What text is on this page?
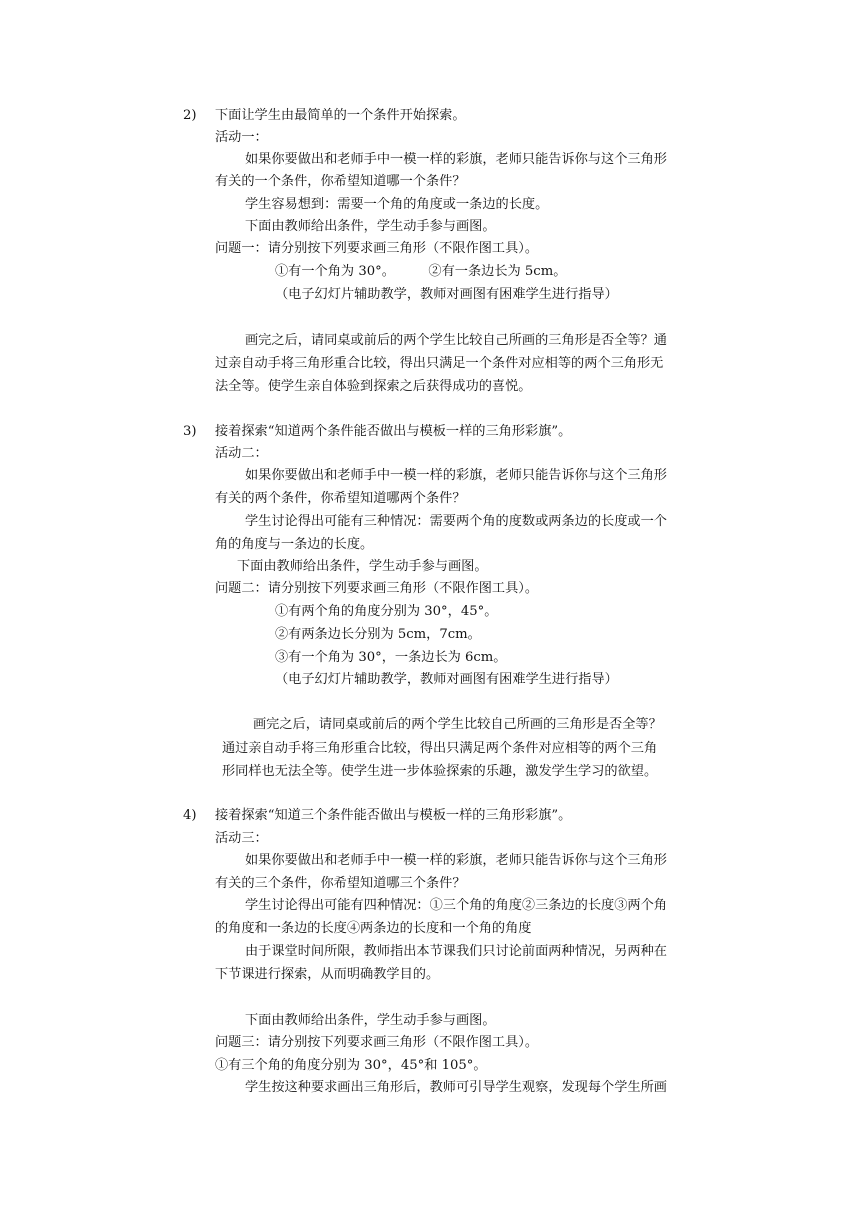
2) 下面让学生由最简单的一个条件开始探索。
活动一：
如果你要做出和老师手中一模一样的彩旗，老师只能告诉你与这个三角形
有关的一个条件，你希望知道哪一个条件？
学生容易想到：需要一个角的角度或一条边的长度。
下面由教师给出条件，学生动手参与画图。
问题一：请分别按下列要求画三角形（不限作图工具）。
①有一个角为 30°。        ②有一条边长为 5cm。
（电子幻灯片辅助教学，教师对画图有困难学生进行指导）
画完之后，请同桌或前后的两个学生比较自己所画的三角形是否全等？通
过亲自动手将三角形重合比较，得出只满足一个条件对应相等的两个三角形无
法全等。使学生亲自体验到探索之后获得成功的喜悦。
3) 接着探索“知道两个条件能否做出与模板一样的三角形彩旗”。
活动二：
如果你要做出和老师手中一模一样的彩旗，老师只能告诉你与这个三角形
有关的两个条件，你希望知道哪两个条件？
学生讨论得出可能有三种情况：需要两个角的度数或两条边的长度或一个
角的角度与一条边的长度。
下面由教师给出条件，学生动手参与画图。
问题二：请分别按下列要求画三角形（不限作图工具）。
①有两个角的角度分别为 30°，45°。
②有两条边长分别为 5cm，7cm。
③有一个角为 30°，一条边长为 6cm。
（电子幻灯片辅助教学，教师对画图有困难学生进行指导）
画完之后，请同桌或前后的两个学生比较自己所画的三角形是否全等？
通过亲自动手将三角形重合比较，得出只满足两个条件对应相等的两个三角
形同样也无法全等。使学生进一步体验探索的乐趣，激发学生学习的欲望。
4) 接着探索“知道三个条件能否做出与模板一样的三角形彩旗”。
活动三：
如果你要做出和老师手中一模一样的彩旗，老师只能告诉你与这个三角形
有关的三个条件，你希望知道哪三个条件？
学生讨论得出可能有四种情况：①三个角的角度②三条边的长度③两个角
的角度和一条边的长度④两条边的长度和一个角的角度
由于课堂时间所限，教师指出本节课我们只讨论前面两种情况，另两种在
下节课进行探索，从而明确教学目的。
下面由教师给出条件，学生动手参与画图。
问题三：请分别按下列要求画三角形（不限作图工具）。
①有三个角的角度分别为 30°，45°和 105°。
学生按这种要求画出三角形后，教师可引导学生观察，发现每个学生所画
